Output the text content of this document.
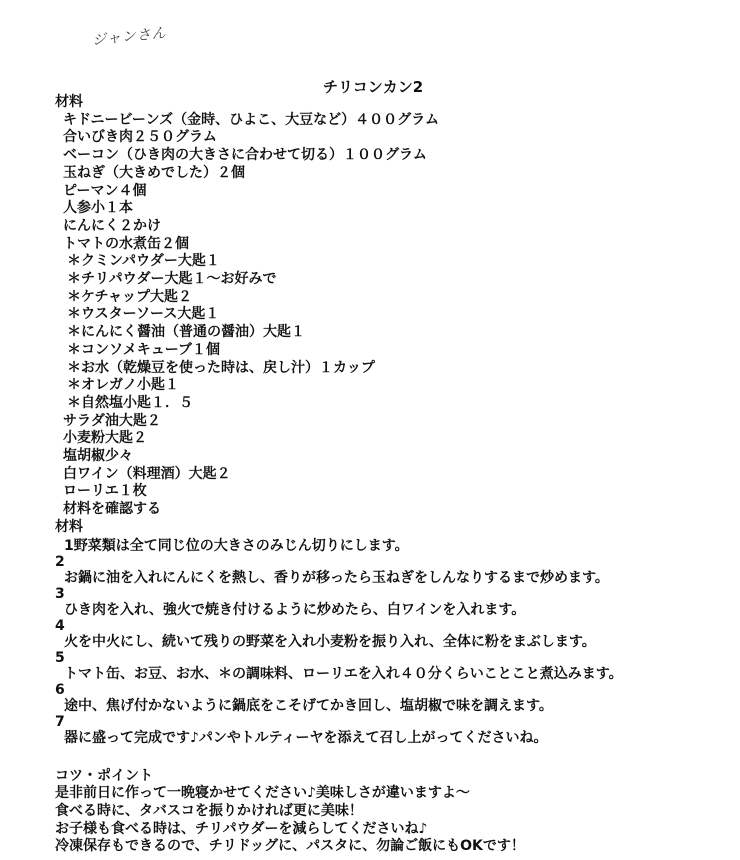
ジャンさん
チリコンカン2
材料
キドニービーンズ（金時、ひよこ、大豆など）４００グラム
合いびき肉２５０グラム
ベーコン（ひき肉の大きさに合わせて切る）１００グラム
玉ねぎ（大きめでした）２個
ピーマン４個
人参小１本
にんにく２かけ
トマトの水煮缶２個
＊クミンパウダー大匙１
＊チリパウダー大匙１～お好みで
＊ケチャップ大匙２
＊ウスターソース大匙１
＊にんにく醤油（普通の醤油）大匙１
＊コンソメキューブ１個
＊お水（乾燥豆を使った時は、戻し汁）１カップ
＊オレガノ小匙１
＊自然塩小匙１．５
サラダ油大匙２
小麦粉大匙２
塩胡椒少々
白ワイン（料理酒）大匙２
ローリエ１枚
材料を確認する
材料
1野菜類は全て同じ位の大きさのみじん切りにします。
2
お鍋に油を入れにんにくを熱し、香りが移ったら玉ねぎをしんなりするまで炒めます。
3
ひき肉を入れ、強火で焼き付けるように炒めたら、白ワインを入れます。
4
火を中火にし、続いて残りの野菜を入れ小麦粉を振り入れ、全体に粉をまぶします。
5
トマト缶、お豆、お水、＊の調味料、ローリエを入れ４０分くらいことこと煮込みます。
6
途中、焦げ付かないように鍋底をこそげてかき回し、塩胡椒で味を調えます。
7
器に盛って完成です♪パンやトルティーヤを添えて召し上がってくださいね。
コツ・ポイント
是非前日に作って一晩寝かせてください♪美味しさが違いますよ～
食べる時に、タバスコを振りかければ更に美味！
お子様も食べる時は、チリパウダーを減らしてくださいね♪
冷凍保存もできるので、チリドッグに、パスタに、勿論ご飯にもOKです！
